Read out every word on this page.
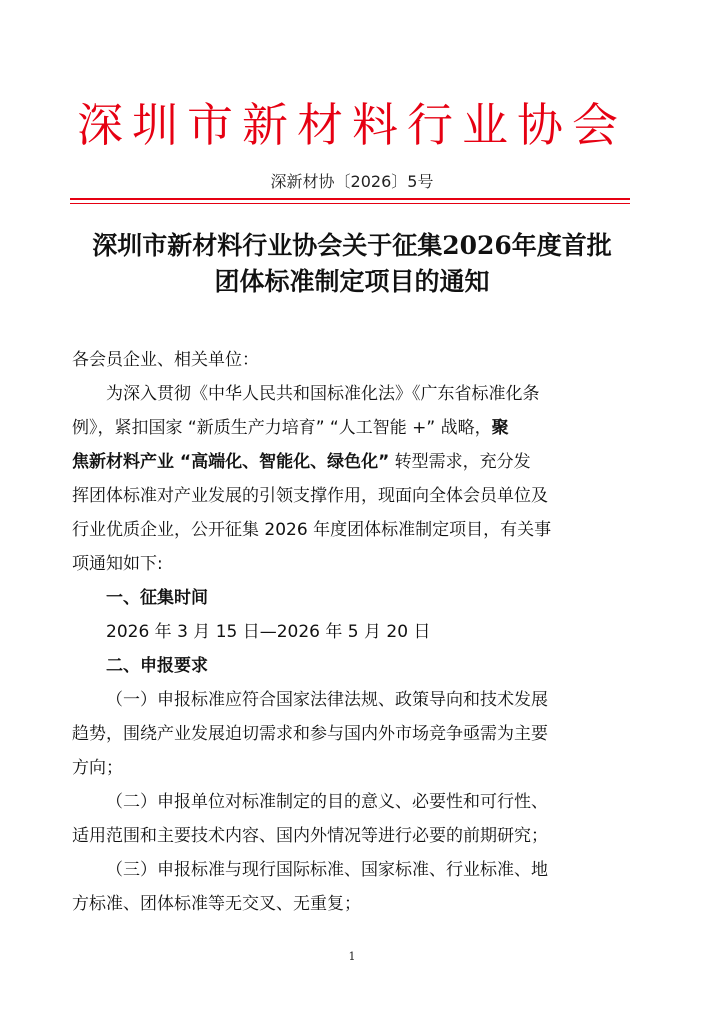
深圳市新材料行业协会
深新材协〔2026〕5号
深圳市新材料行业协会关于征集2026年度首批
团体标准制定项目的通知
各会员企业、相关单位：
为深入贯彻《中华人民共和国标准化法》《广东省标准化条
例》，紧扣国家 “新质生产力培育” “人工智能 +” 战略，聚
焦新材料产业 “高端化、智能化、绿色化” 转型需求，充分发
挥团体标准对产业发展的引领支撑作用，现面向全体会员单位及
行业优质企业，公开征集 2026 年度团体标准制定项目，有关事
项通知如下:
一、征集时间
2026 年 3 月 15 日—2026 年 5 月 20 日
二、申报要求
（一）申报标准应符合国家法律法规、政策导向和技术发展
趋势，围绕产业发展迫切需求和参与国内外市场竞争亟需为主要
方向；
（二）申报单位对标准制定的目的意义、必要性和可行性、
适用范围和主要技术内容、国内外情况等进行必要的前期研究；
（三）申报标准与现行国际标准、国家标准、行业标准、地
方标准、团体标准等无交叉、无重复；
1
